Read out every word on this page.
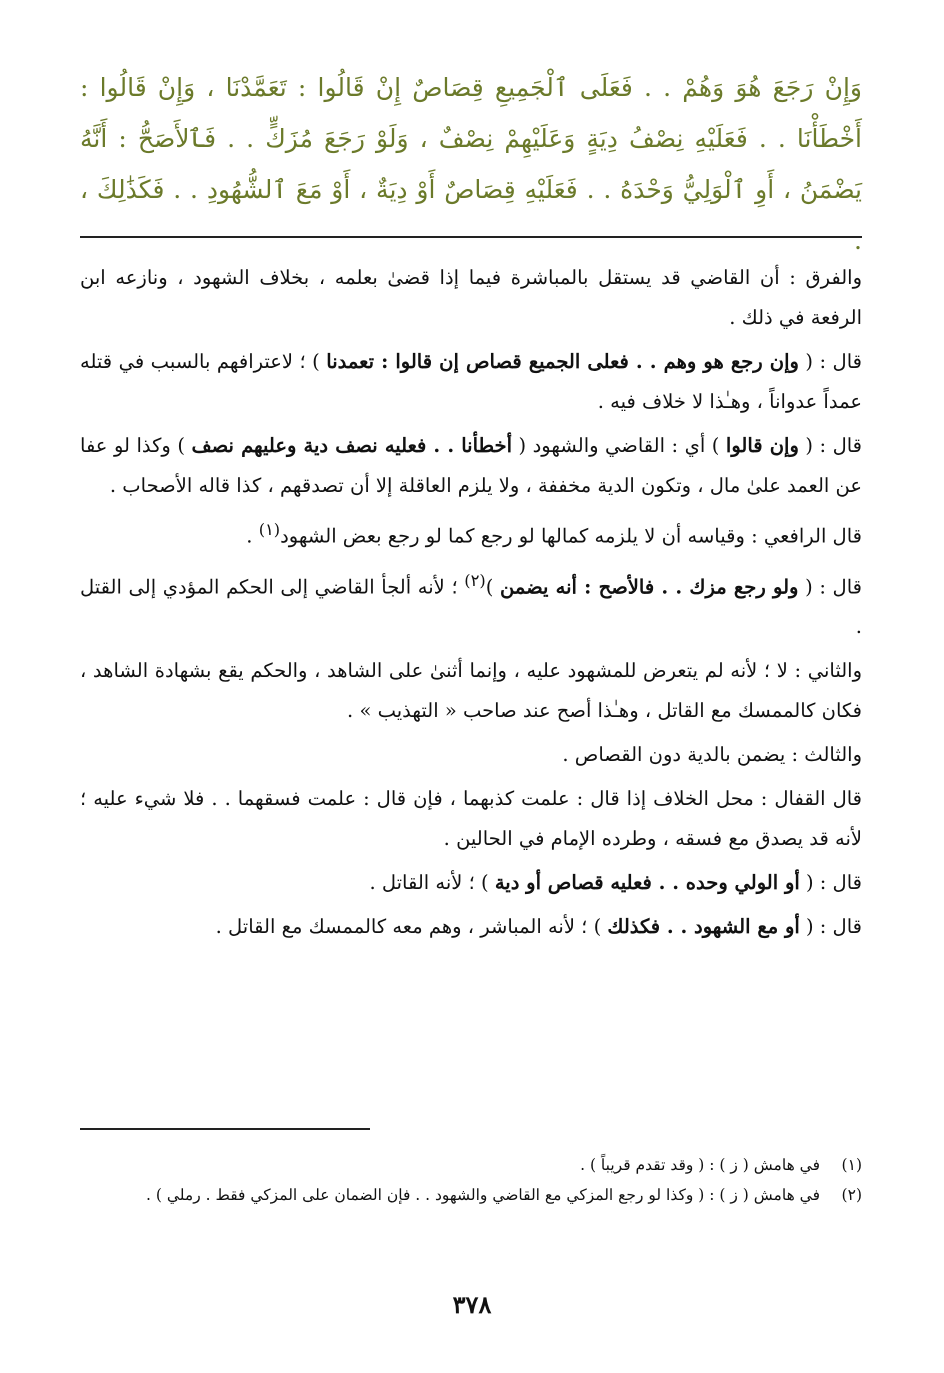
وَإِنْ رَجَعَ هُوَ وَهُمْ . . فَعَلَى ٱلْجَمِيعِ قِصَاصٌ إِنْ قَالُوا : تَعَمَّدْنَا ، وَإِنْ قَالُوا : أَخْطَأْنَا . . فَعَلَيْهِ نِصْفُ دِيَةٍ وَعَلَيْهِمْ نِصْفٌ ، وَلَوْ رَجَعَ مُزَكٍّ . . فَٱلأَصَحُّ : أَنَّهُ يَضْمَنُ ، أَوِ ٱلْوَلِيُّ وَحْدَهُ . . فَعَلَيْهِ قِصَاصٌ أَوْ دِيَةٌ ، أَوْ مَعَ ٱلشُّهُودِ . . فَكَذَٰلِكَ ، .

والفرق : أن القاضي قد يستقل بالمباشرة فيما إذا قضىٰ بعلمه ، بخلاف الشهود ، ونازعه ابن الرفعة في ذلك .

قال : ( وإن رجع هو وهم . . فعلى الجميع قصاص إن قالوا : تعمدنا ) ؛ لاعترافهم بالسبب في قتله عمداً عدواناً ، وهـٰذا لا خلاف فيه .

قال : ( وإن قالوا ) أي : القاضي والشهود ( أخطأنا . . فعليه نصف دية وعليهم نصف ) وكذا لو عفا عن العمد علىٰ مال ، وتكون الدية مخففة ، ولا يلزم العاقلة إلا أن تصدقهم ، كذا قاله الأصحاب .

قال الرافعي : وقياسه أن لا يلزمه كمالها لو رجع كما لو رجع بعض الشهود$^{(١)}$ .

قال : ( ولو رجع مزك . . فالأصح : أنه يضمن )$^{(٢)}$ ؛ لأنه ألجأ القاضي إلى الحكم المؤدي إلى القتل .

والثاني : لا ؛ لأنه لم يتعرض للمشهود عليه ، وإنما أثنىٰ على الشاهد ، والحكم يقع بشهادة الشاهد ، فكان كالممسك مع القاتل ، وهـٰذا أصح عند صاحب « التهذيب » .

والثالث : يضمن بالدية دون القصاص .

قال القفال : محل الخلاف إذا قال : علمت كذبهما ، فإن قال : علمت فسقهما . . فلا شيء عليه ؛ لأنه قد يصدق مع فسقه ، وطرده الإمام في الحالين .

قال : ( أو الولي وحده . . فعليه قصاص أو دية ) ؛ لأنه القاتل .

قال : ( أو مع الشهود . . فكذلك ) ؛ لأنه المباشر ، وهم معه كالممسك مع القاتل .

(١)
في هامش ( ز ) : ( وقد تقدم قريباً ) .
(٢)
في هامش ( ز ) : ( وكذا لو رجع المزكي مع القاضي والشهود . . فإن الضمان على المزكي فقط . رملي ) .
٣٧٨
